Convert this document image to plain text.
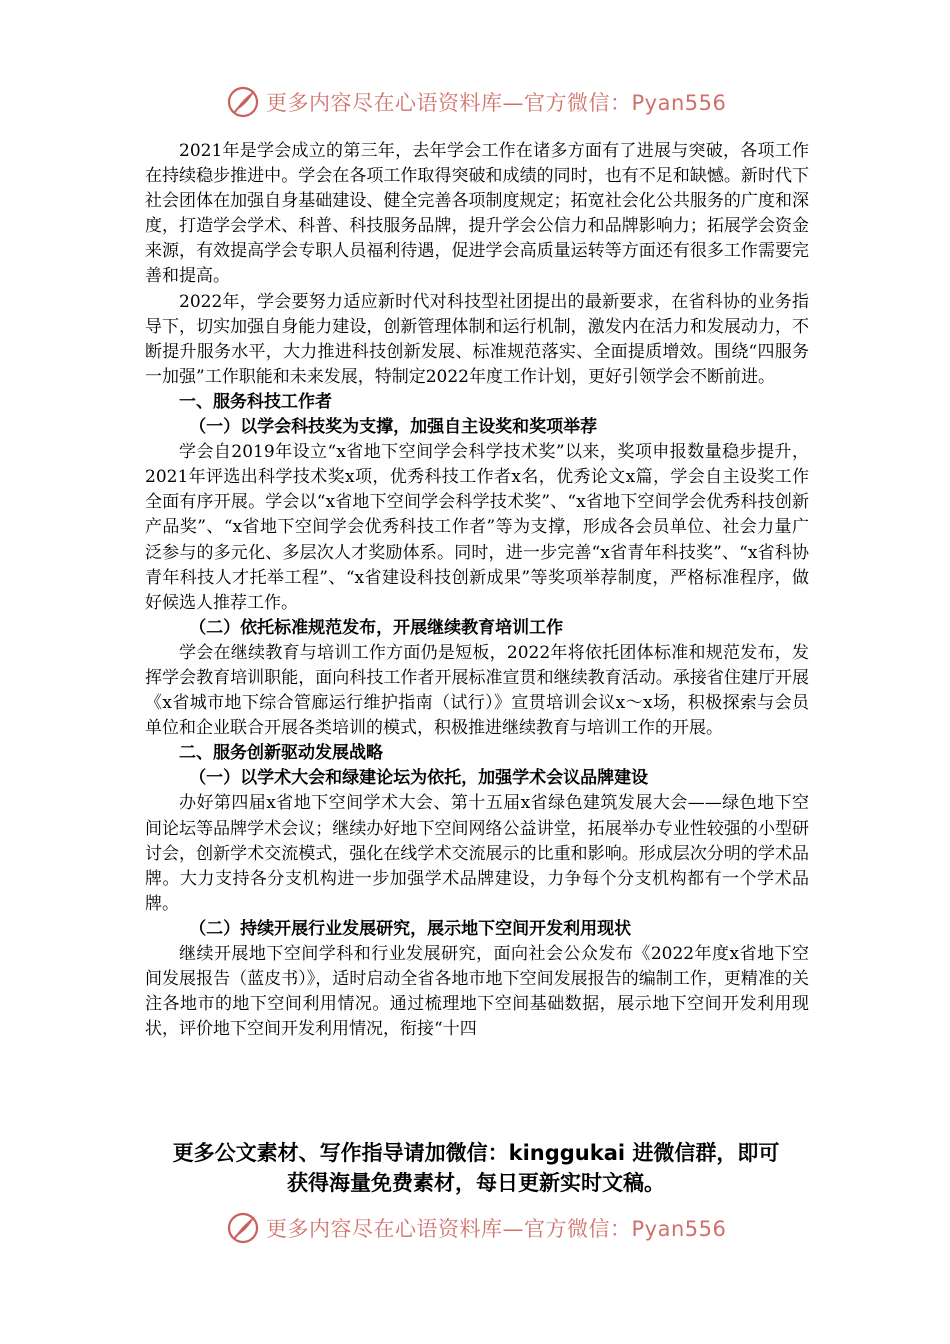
更多内容尽在心语资料库—官方微信：Pyan556

2021年是学会成立的第三年，去年学会工作在诸多方面有了进展与突破，各项工作在持续稳步推进中。学会在各项工作取得突破和成绩的同时，也有不足和缺憾。新时代下社会团体在加强自身基础建设、健全完善各项制度规定；拓宽社会化公共服务的广度和深度，打造学会学术、科普、科技服务品牌，提升学会公信力和品牌影响力；拓展学会资金来源，有效提高学会专职人员福利待遇，促进学会高质量运转等方面还有很多工作需要完善和提高。

2022年，学会要努力适应新时代对科技型社团提出的最新要求，在省科协的业务指导下，切实加强自身能力建设，创新管理体制和运行机制，激发内在活力和发展动力，不断提升服务水平，大力推进科技创新发展、标准规范落实、全面提质增效。围绕“四服务一加强”工作职能和未来发展，特制定2022年度工作计划，更好引领学会不断前进。

一、服务科技工作者
（一）以学会科技奖为支撑，加强自主设奖和奖项举荐

学会自2019年设立“x省地下空间学会科学技术奖”以来，奖项申报数量稳步提升，2021年评选出科学技术奖x项，优秀科技工作者x名，优秀论文x篇，学会自主设奖工作全面有序开展。学会以“x省地下空间学会科学技术奖”、“x省地下空间学会优秀科技创新产品奖”、“x省地下空间学会优秀科技工作者”等为支撑，形成各会员单位、社会力量广泛参与的多元化、多层次人才奖励体系。同时，进一步完善“x省青年科技奖”、“x省科协青年科技人才托举工程”、“x省建设科技创新成果”等奖项举荐制度，严格标准程序，做好候选人推荐工作。

（二）依托标准规范发布，开展继续教育培训工作

学会在继续教育与培训工作方面仍是短板，2022年将依托团体标准和规范发布，发挥学会教育培训职能，面向科技工作者开展标准宣贯和继续教育活动。承接省住建厅开展《x省城市地下综合管廊运行维护指南（试行）》宣贯培训会议x～x场，积极探索与会员单位和企业联合开展各类培训的模式，积极推进继续教育与培训工作的开展。

二、服务创新驱动发展战略
（一）以学术大会和绿建论坛为依托，加强学术会议品牌建设

办好第四届x省地下空间学术大会、第十五届x省绿色建筑发展大会——绿色地下空间论坛等品牌学术会议；继续办好地下空间网络公益讲堂，拓展举办专业性较强的小型研讨会，创新学术交流模式，强化在线学术交流展示的比重和影响。形成层次分明的学术品牌。大力支持各分支机构进一步加强学术品牌建设，力争每个分支机构都有一个学术品牌。

（二）持续开展行业发展研究，展示地下空间开发利用现状

继续开展地下空间学科和行业发展研究，面向社会公众发布《2022年度x省地下空间发展报告（蓝皮书）》，适时启动全省各地市地下空间发展报告的编制工作，更精准的关注各地市的地下空间利用情况。通过梳理地下空间基础数据，展示地下空间开发利用现状，评价地下空间开发利用情况，衔接“十四

更多公文素材、写作指导请加微信：kinggukai 进微信群，即可
获得海量免费素材，每日更新实时文稿。
更多内容尽在心语资料库—官方微信：Pyan556
